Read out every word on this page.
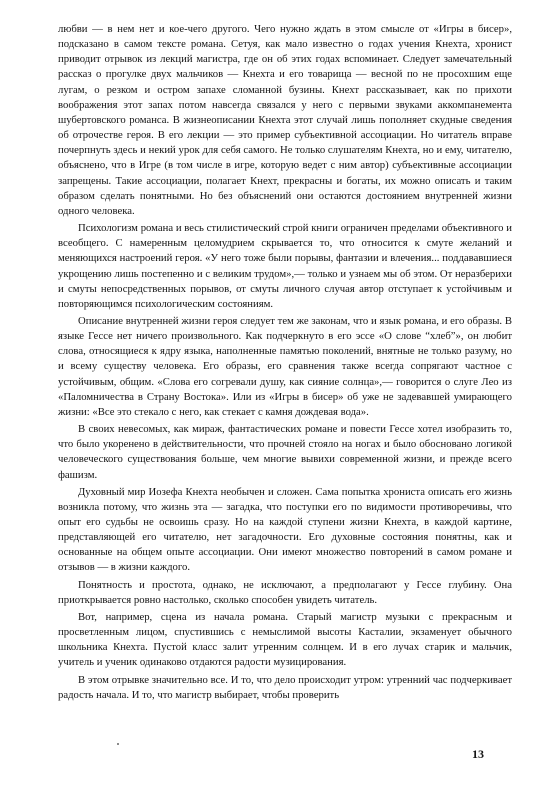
любви — в нем нет и кое-чего другого. Чего нужно ждать в этом смысле от «Игры в бисер», подсказано в самом тексте романа. Сетуя, как мало известно о годах учения Кнехта, хронист приводит отрывок из лекций магистра, где он об этих годах вспоминает. Следует замечательный рассказ о прогулке двух мальчиков — Кнехта и его товарища — весной по не просохшим еще лугам, о резком и остром запахе сломанной бузины. Кнехт рассказывает, как по прихоти воображения этот запах потом навсегда связался у него с первыми звуками аккомпанемента шубертовского романса. В жизнеописании Кнехта этот случай лишь пополняет скудные сведения об отрочестве героя. В его лекции — это пример субъективной ассоциации. Но читатель вправе почерпнуть здесь и некий урок для себя самого. Не только слушателям Кнехта, но и ему, читателю, объяснено, что в Игре (в том числе в игре, которую ведет с ним автор) субъективные ассоциации запрещены. Такие ассоциации, полагает Кнехт, прекрасны и богаты, их можно описать и таким образом сделать понятными. Но без объяснений они остаются достоянием внутренней жизни одного человека.

Психологизм романа и весь стилистический строй книги ограничен пределами объективного и всеобщего. С намеренным целомудрием скрывается то, что относится к смуте желаний и меняющихся настроений героя. «У него тоже были порывы, фантазии и влечения... поддававшиеся укрощению лишь постепенно и с великим трудом»,— только и узнаем мы об этом. От неразберихи и смуты непосредственных порывов, от смуты личного случая автор отступает к устойчивым и повторяющимся психологическим состояниям.

Описание внутренней жизни героя следует тем же законам, что и язык романа, и его образы. В языке Гессе нет ничего произвольного. Как подчеркнуто в его эссе «О слове “хлеб”», он любит слова, относящиеся к ядру языка, наполненные памятью поколений, внятные не только разуму, но и всему существу человека. Его образы, его сравнения также всегда сопрягают частное с устойчивым, общим. «Слова его согревали душу, как сияние солнца»,— говорится о слуге Лео из «Паломничества в Страну Востока». Или из «Игры в бисер» об уже не задевавшей умирающего жизни: «Все это стекало с него, как стекает с камня дождевая вода».

В своих невесомых, как мираж, фантастических романе и повести Гессе хотел изобразить то, что было укоренено в действительности, что прочней стояло на ногах и было обосновано логикой человеческого существования больше, чем многие вывихи современной жизни, и прежде всего фашизм.

Духовный мир Иозефа Кнехта необычен и сложен. Сама попытка хрониста описать его жизнь возникла потому, что жизнь эта — загадка, что поступки его по видимости противоречивы, что опыт его судьбы не освоишь сразу. Но на каждой ступени жизни Кнехта, в каждой картине, представляющей его читателю, нет загадочности. Его духовные состояния понятны, как и основанные на общем опыте ассоциации. Они имеют множество повторений в самом романе и отзывов — в жизни каждого.

Понятность и простота, однако, не исключают, а предполагают у Гессе глубину. Она приоткрывается ровно настолько, сколько способен увидеть читатель.

Вот, например, сцена из начала романа. Старый магистр музыки с прекрасным и просветленным лицом, спустившись с немыслимой высоты Касталии, экзаменует обычного школьника Кнехта. Пустой класс залит утренним солнцем. И в его лучах старик и мальчик, учитель и ученик одинаково отдаются радости музицирования.

В этом отрывке значительно все. И то, что дело происходит утром: утренний час подчеркивает радость начала. И то, что магистр выбирает, чтобы проверить

13
